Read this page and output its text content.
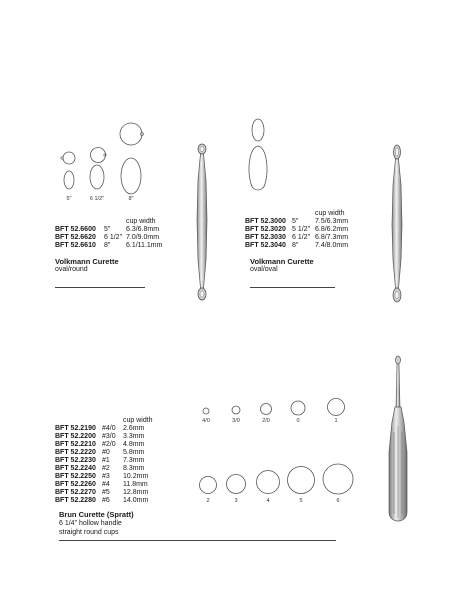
5"	6 1/2"	8"
cup width
BFT 52.6600 5" 6.3/6.8mm
BFT 52.6620 6 1/2" 7.0/9.0mm
BFT 52.6610 8" 6.1/11.1mm
Volkmann Curette
oval/round
cup width
BFT 52.3000 5" 7.5/6.3mm
BFT 52.3020 5 1/2" 6.8/6.2mm
BFT 52.3030 6 1/2" 6.8/7.3mm
BFT 52.3040 8" 7.4/8.0mm
Volkmann Curette
oval/oval
cup width
BFT 52.2190 #4/0 2.6mm
BFT 52.2200 #3/0 3.3mm
BFT 52.2210 #2/0 4.8mm
BFT 52.2220 #0 5.8mm
BFT 52.2230 #1 7.3mm
BFT 52.2240 #2 8.3mm
BFT 52.2250 #3 10.2mm
BFT 52.2260 #4 11.8mm
BFT 52.2270 #5 12.8mm
BFT 52.2280 #6 14.0mm
Brun Curette (Spratt)
6 1/4" hollow handle
straight round cups
4/0	3/0	2/0	0	1
2	3	4	5	6
